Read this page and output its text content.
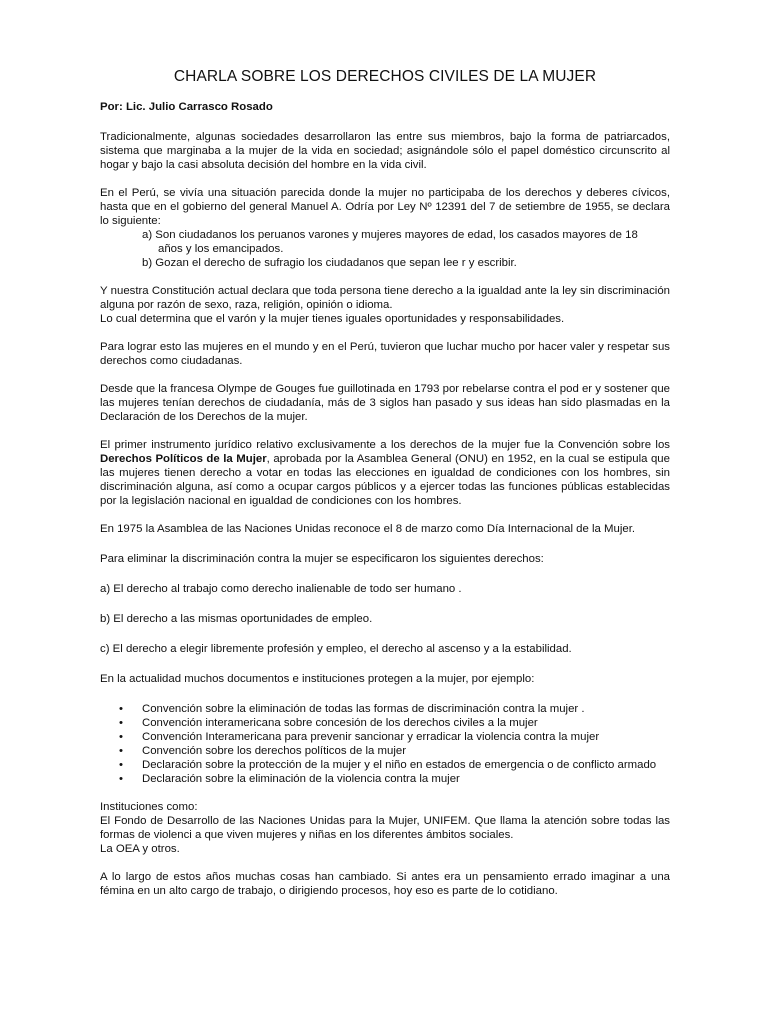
CHARLA SOBRE LOS DERECHOS CIVILES DE LA MUJER
Por: Lic. Julio Carrasco Rosado

Tradicionalmente, algunas sociedades desarrollaron las entre sus miembros, bajo la forma de patriarcados, sistema que marginaba a la mujer de la vida en sociedad; asignándole sólo el papel doméstico circunscrito al hogar y bajo la casi absoluta decisión del hombre en la vida civil.

En el Perú, se vivía una situación parecida donde la mujer no participaba de los derechos y deberes cívicos, hasta que en el gobierno del general Manuel A. Odría por Ley Nº 12391 del 7 de setiembre de 1955, se declara lo siguiente:

a) Son ciudadanos los peruanos varones y mujeres mayores de edad, los casados mayores de 18
años y los emancipados.
b) Gozan el derecho de sufragio los ciudadanos que sepan lee r y escribir.

Y nuestra Constitución actual declara que toda persona tiene derecho a la igualdad ante la ley sin discriminación alguna por razón de sexo, raza, religión, opinión o idioma.
Lo cual determina que el varón y la mujer tienes iguales oportunidades y responsabilidades.

Para lograr esto las mujeres en el mundo y en el Perú, tuvieron que luchar mucho por hacer valer y respetar sus derechos como ciudadanas.

Desde que la francesa Olympe de Gouges fue guillotinada en 1793 por rebelarse contra el pod er y sostener que las mujeres tenían derechos de ciudadanía, más de 3 siglos han pasado y sus ideas han sido plasmadas en la Declaración de los Derechos de la mujer.

El primer instrumento jurídico relativo exclusivamente a los derechos de la mujer fue la Convención sobre los Derechos Políticos de la Mujer, aprobada por la Asamblea General (ONU) en 1952, en la cual se estipula que las mujeres tienen derecho a votar en todas las elecciones en igualdad de condiciones con los hombres, sin discriminación alguna, así como a ocupar cargos públicos y a ejercer todas las funciones públicas establecidas por la legislación nacional en igualdad de condiciones con los hombres.

En 1975 la Asamblea de las Naciones Unidas reconoce el 8 de marzo como Día Internacional de la Mujer.

Para eliminar la discriminación contra la mujer se especificaron los siguientes derechos:

a) El derecho al trabajo como derecho inalienable de todo ser humano .

b) El derecho a las mismas oportunidades de empleo.

c) El derecho a elegir libremente profesión y empleo, el derecho al ascenso y a la estabilidad.

En la actualidad muchos documentos e instituciones protegen a la mujer, por ejemplo:

• Convención sobre la eliminación de todas las formas de discriminación contra la mujer .
• Convención interamericana sobre concesión de los derechos civiles a la mujer
• Convención Interamericana para prevenir sancionar y erradicar la violencia contra la mujer
• Convención sobre los derechos políticos de la mujer
• Declaración sobre la protección de la mujer y el niño en estados de emergencia o de conflicto armado
• Declaración sobre la eliminación de la violencia contra la mujer

Instituciones como:
El Fondo de Desarrollo de las Naciones Unidas para la Mujer, UNIFEM. Que llama la atención sobre todas las formas de violenci a que viven mujeres y niñas en los diferentes ámbitos sociales.
La OEA y otros.

A lo largo de estos años muchas cosas han cambiado. Si antes era un pensamiento errado imaginar a una fémina en un alto cargo de trabajo, o dirigiendo procesos, hoy eso es parte de lo cotidiano.
